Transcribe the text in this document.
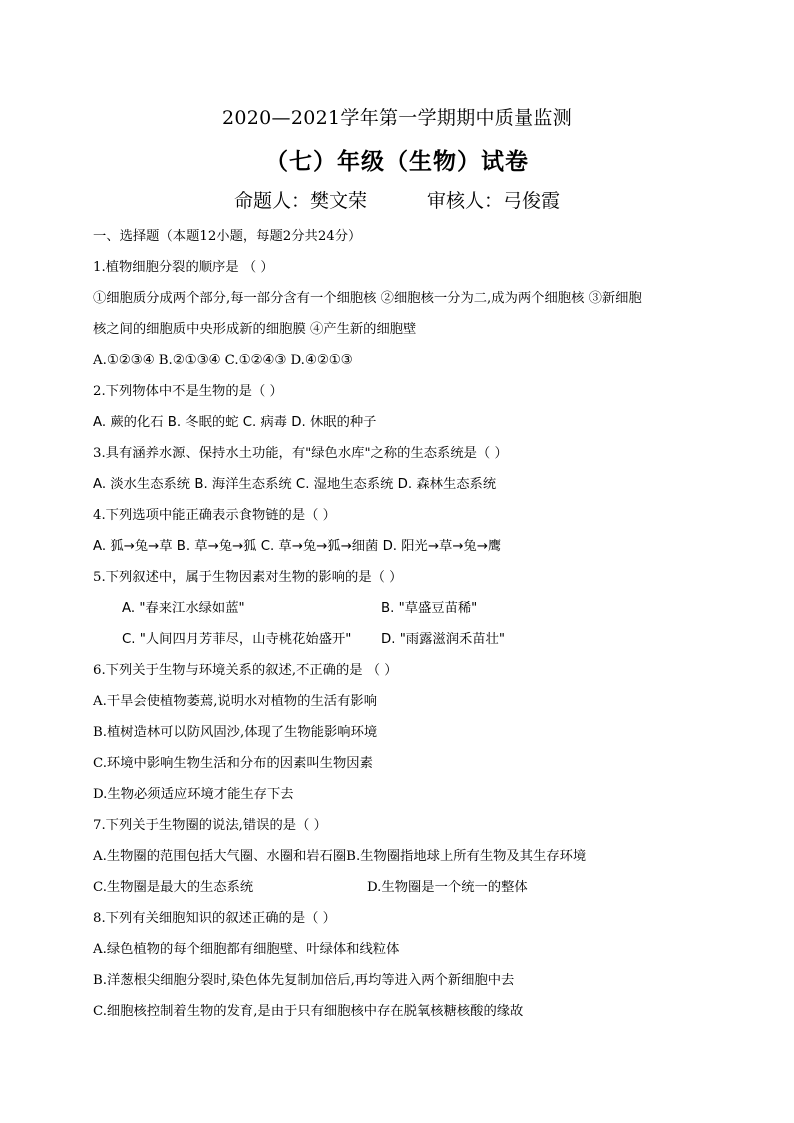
2020—2021学年第一学期期中质量监测
（七）年级（生物）试卷
命题人：樊文荣	审核人：弓俊霞
一、选择题（本题12小题，每题2分共24分）
1.植物细胞分裂的顺序是 （ ）
①细胞质分成两个部分,每一部分含有一个细胞核 ②细胞核一分为二,成为两个细胞核 ③新细胞
核之间的细胞质中央形成新的细胞膜 ④产生新的细胞壁
A.①②③④ B.②①③④ C.①②④③ D.④②①③
2.下列物体中不是生物的是（ ）
A. 蕨的化石 B. 冬眠的蛇 C. 病毒 D. 休眠的种子
3.具有涵养水源、保持水土功能，有"绿色水库"之称的生态系统是（ ）
A. 淡水生态系统 B. 海洋生态系统 C. 湿地生态系统 D. 森林生态系统
4.下列选项中能正确表示食物链的是（ ）
A. 狐→兔→草 B. 草→兔→狐 C. 草→兔→狐→细菌 D. 阳光→草→兔→鹰
5.下列叙述中，属于生物因素对生物的影响的是（ ）
A. "春来江水绿如蓝"	B. "草盛豆苗稀"
C. "人间四月芳菲尽，山寺桃花始盛开" D. "雨露滋润禾苗壮"
6.下列关于生物与环境关系的叙述,不正确的是 （ ）
A.干旱会使植物萎蔫,说明水对植物的生活有影响
B.植树造林可以防风固沙,体现了生物能影响环境
C.环境中影响生物生活和分布的因素叫生物因素
D.生物必须适应环境才能生存下去
7.下列关于生物圈的说法,错误的是（ ）
A.生物圈的范围包括大气圈、水圈和岩石圈B.生物圈指地球上所有生物及其生存环境
C.生物圈是最大的生态系统	D.生物圈是一个统一的整体
8.下列有关细胞知识的叙述正确的是（ ）
A.绿色植物的每个细胞都有细胞壁、叶绿体和线粒体
B.洋葱根尖细胞分裂时,染色体先复制加倍后,再均等进入两个新细胞中去
C.细胞核控制着生物的发育,是由于只有细胞核中存在脱氧核糖核酸的缘故
